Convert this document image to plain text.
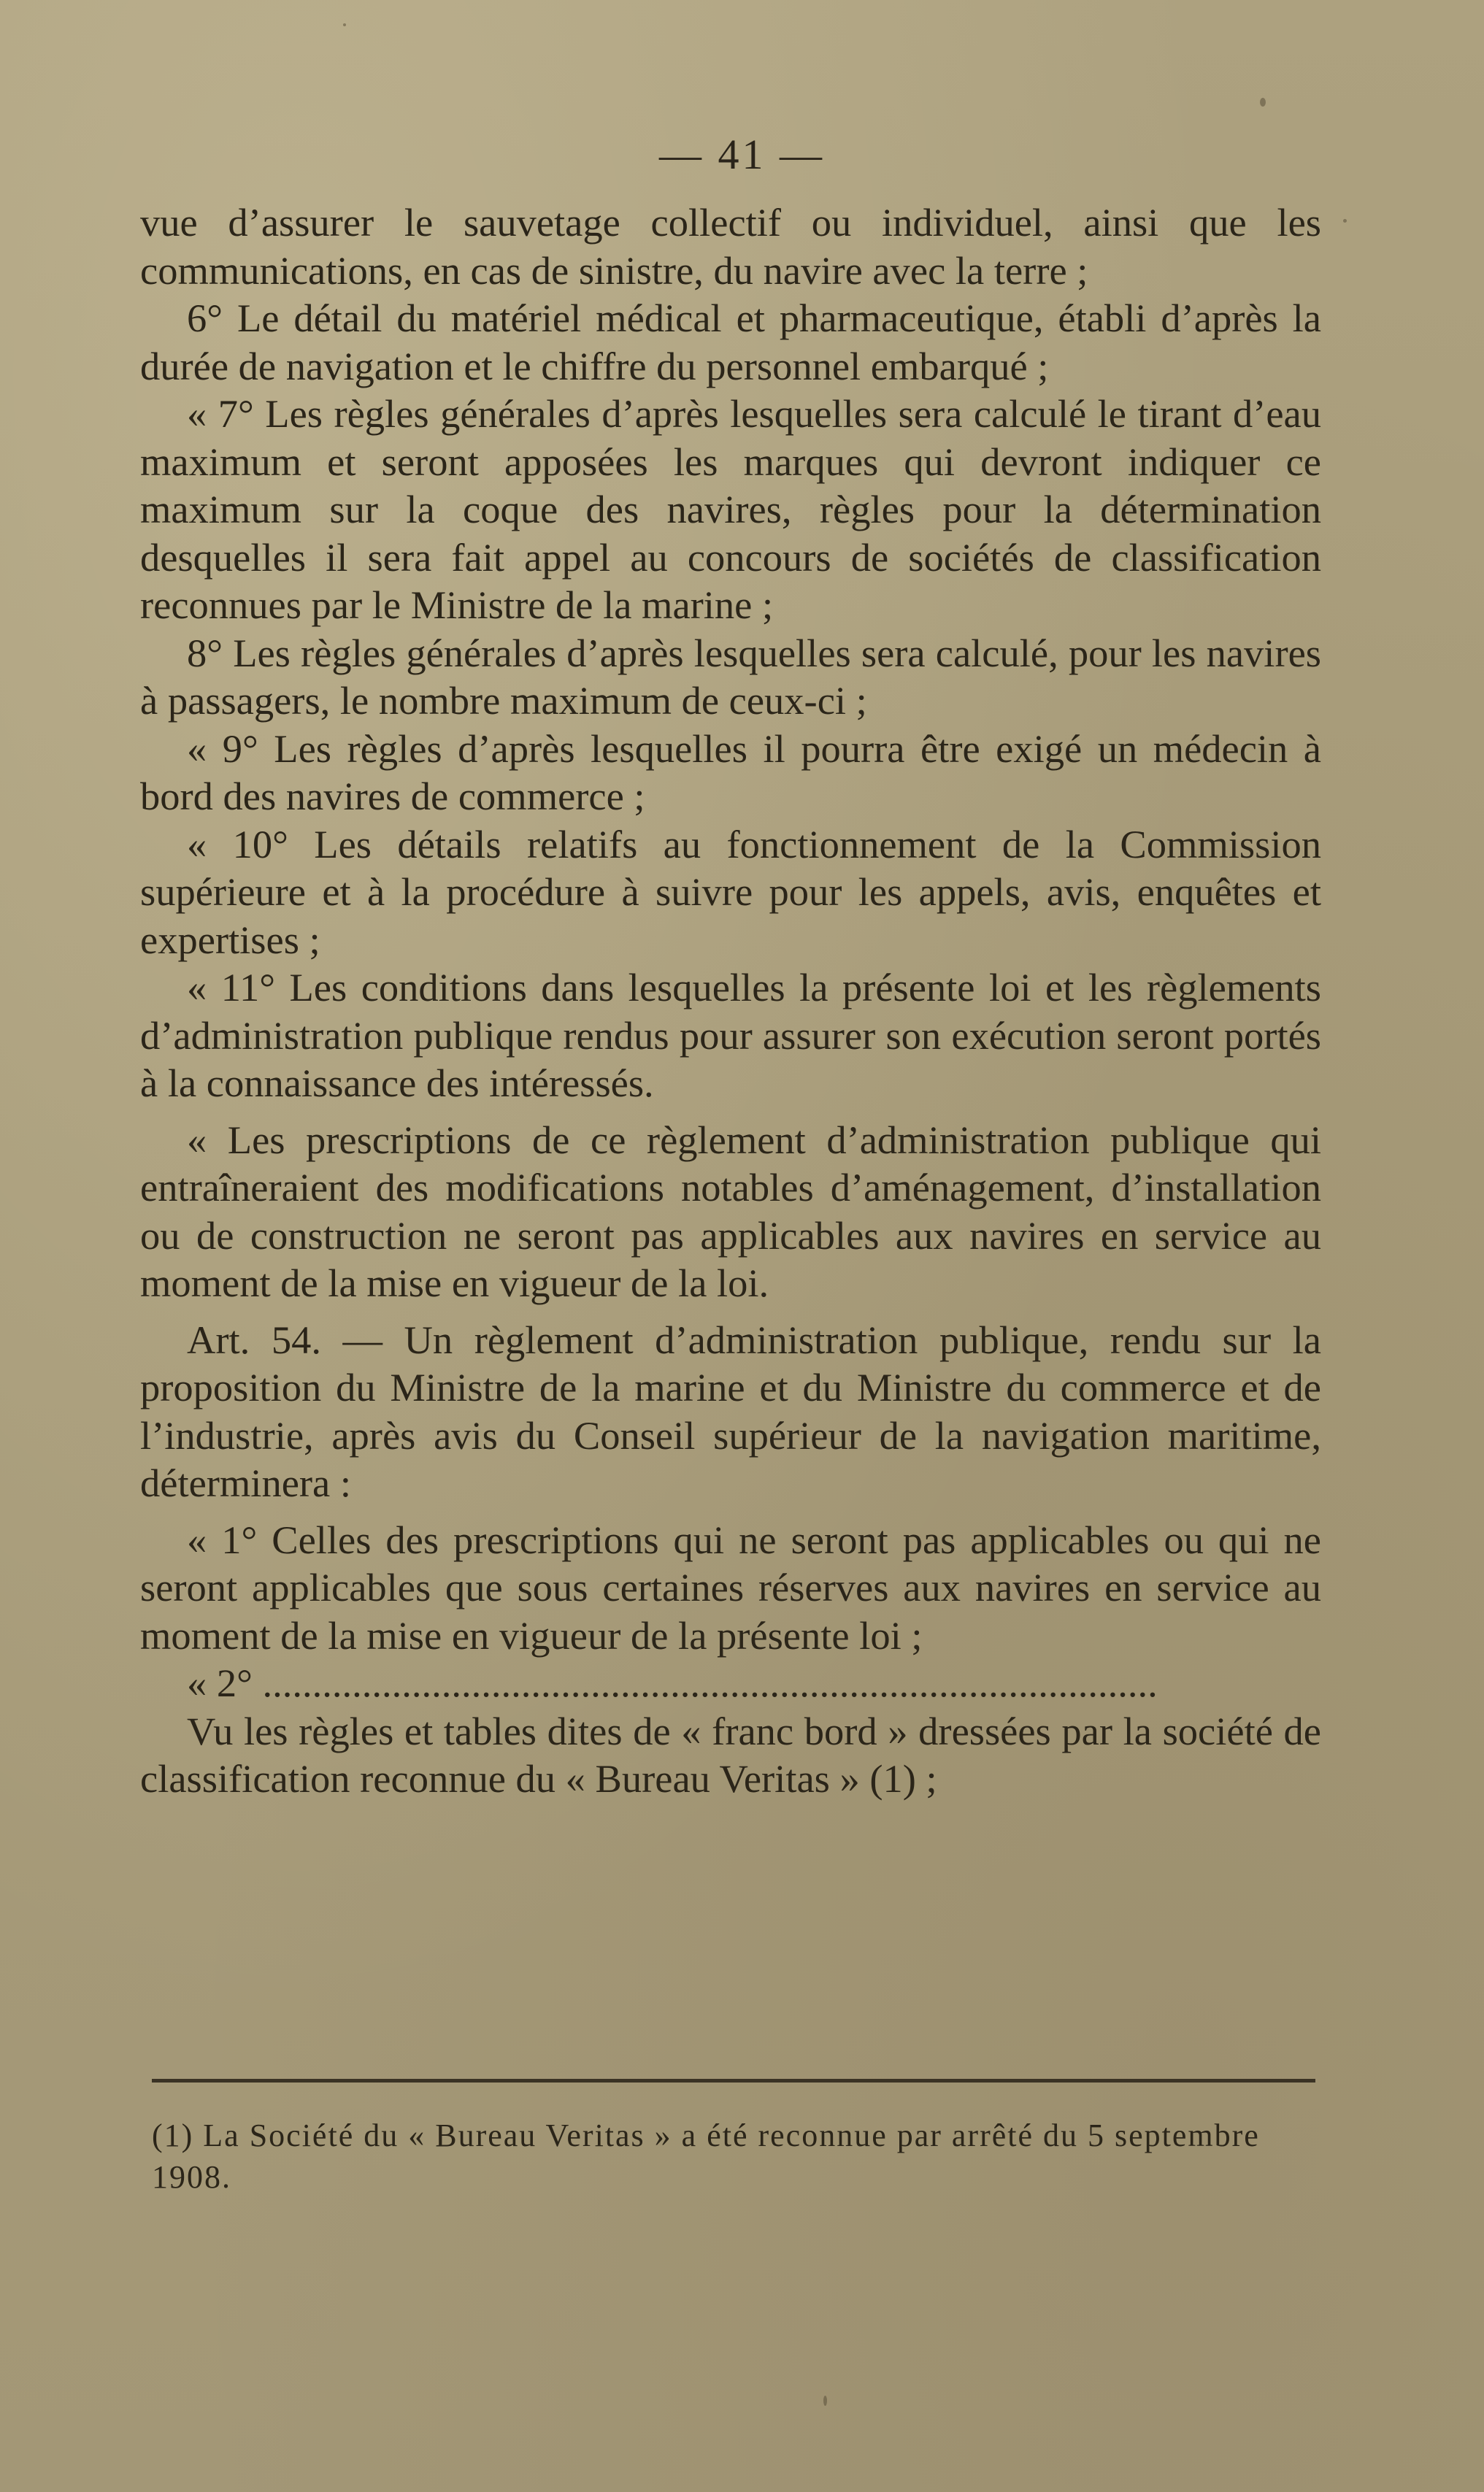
— 41 —

vue d’assurer le sauvetage collectif ou individuel, ainsi que les communications, en cas de sinistre, du navire avec la terre ;

6° Le détail du matériel médical et pharmaceutique, établi d’après la durée de navigation et le chiffre du personnel embarqué ;

« 7° Les règles générales d’après lesquelles sera calculé le tirant d’eau maximum et seront apposées les marques qui devront indiquer ce maximum sur la coque des navires, règles pour la détermination desquelles il sera fait appel au concours de sociétés de classification reconnues par le Ministre de la marine ;

8° Les règles générales d’après lesquelles sera calculé, pour les navires à passagers, le nombre maximum de ceux-ci ;

« 9° Les règles d’après lesquelles il pourra être exigé un médecin à bord des navires de commerce ;

« 10° Les détails relatifs au fonctionnement de la Commission supérieure et à la procédure à suivre pour les appels, avis, enquêtes et expertises ;

« 11° Les conditions dans lesquelles la présente loi et les règlements d’administration publique rendus pour assurer son exécution seront portés à la connaissance des intéressés.

« Les prescriptions de ce règlement d’administration publique qui entraîneraient des modifications notables d’aménagement, d’installation ou de construction ne seront pas applicables aux navires en service au moment de la mise en vigueur de la loi.

Art. 54. — Un règlement d’administration publique, rendu sur la proposition du Ministre de la marine et du Ministre du commerce et de l’industrie, après avis du Conseil supérieur de la navigation maritime, déterminera :

« 1° Celles des prescriptions qui ne seront pas applicables ou qui ne seront applicables que sous certaines réserves aux navires en service au moment de la mise en vigueur de la présente loi ;

« 2° ..........................................................................................

Vu les règles et tables dites de « franc bord » dressées par la société de classification reconnue du « Bureau Veritas » (1) ;

(1) La Société du « Bureau Veritas » a été reconnue par arrêté du 5 septembre 1908.
